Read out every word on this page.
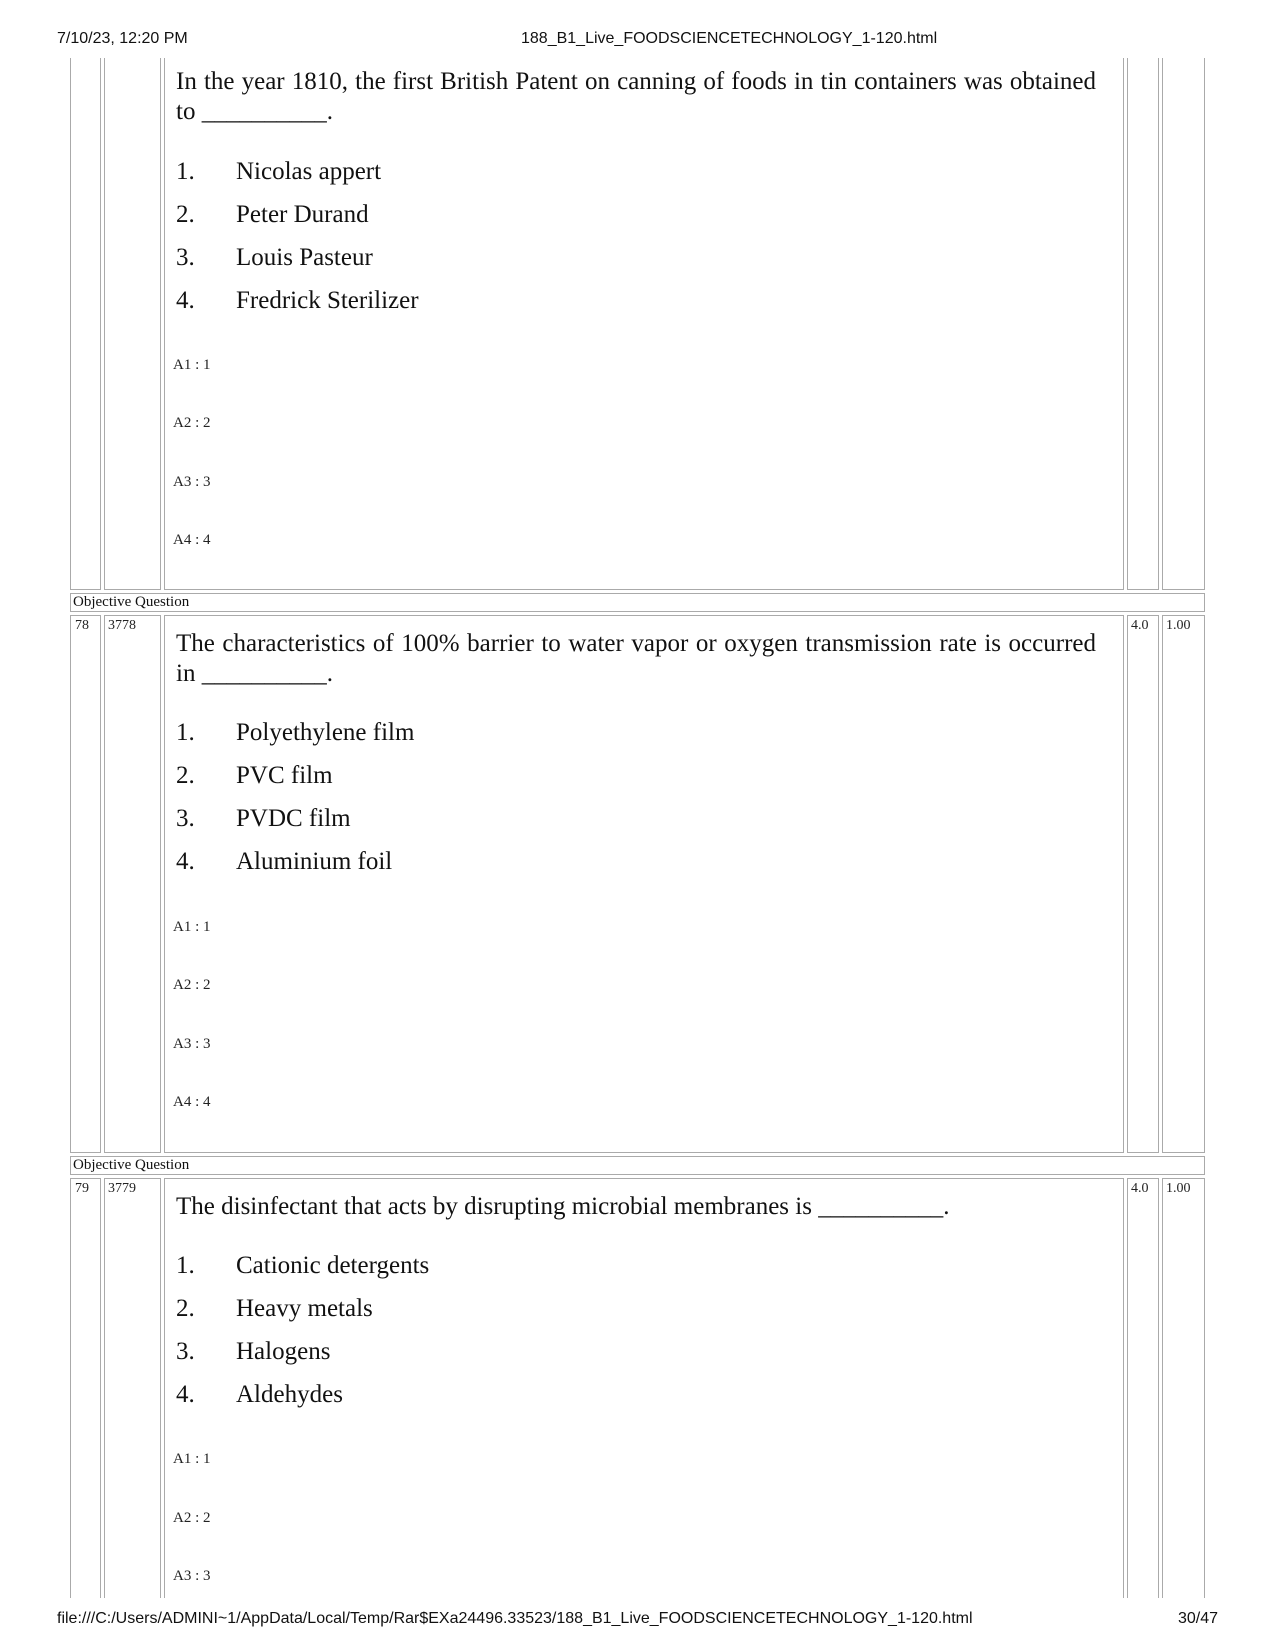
7/10/23, 12:20 PM	188_B1_Live_FOODSCIENCETECHNOLOGY_1-120.html
In the year 1810, the first British Patent on canning of foods in tin containers was obtained to __________.
1. Nicolas appert
2. Peter Durand
3. Louis Pasteur
4. Fredrick Sterilizer
A1 : 1
A2 : 2
A3 : 3
A4 : 4
Objective Question
78 3778	4.0 1.00
The characteristics of 100% barrier to water vapor or oxygen transmission rate is occurred in __________.
1. Polyethylene film
2. PVC film
3. PVDC film
4. Aluminium foil
A1 : 1
A2 : 2
A3 : 3
A4 : 4
Objective Question
79 3779	4.0 1.00
The disinfectant that acts by disrupting microbial membranes is __________.
1. Cationic detergents
2. Heavy metals
3. Halogens
4. Aldehydes
A1 : 1
A2 : 2
A3 : 3
file:///C:/Users/ADMINI~1/AppData/Local/Temp/Rar$EXa24496.33523/188_B1_Live_FOODSCIENCETECHNOLOGY_1-120.html	30/47
